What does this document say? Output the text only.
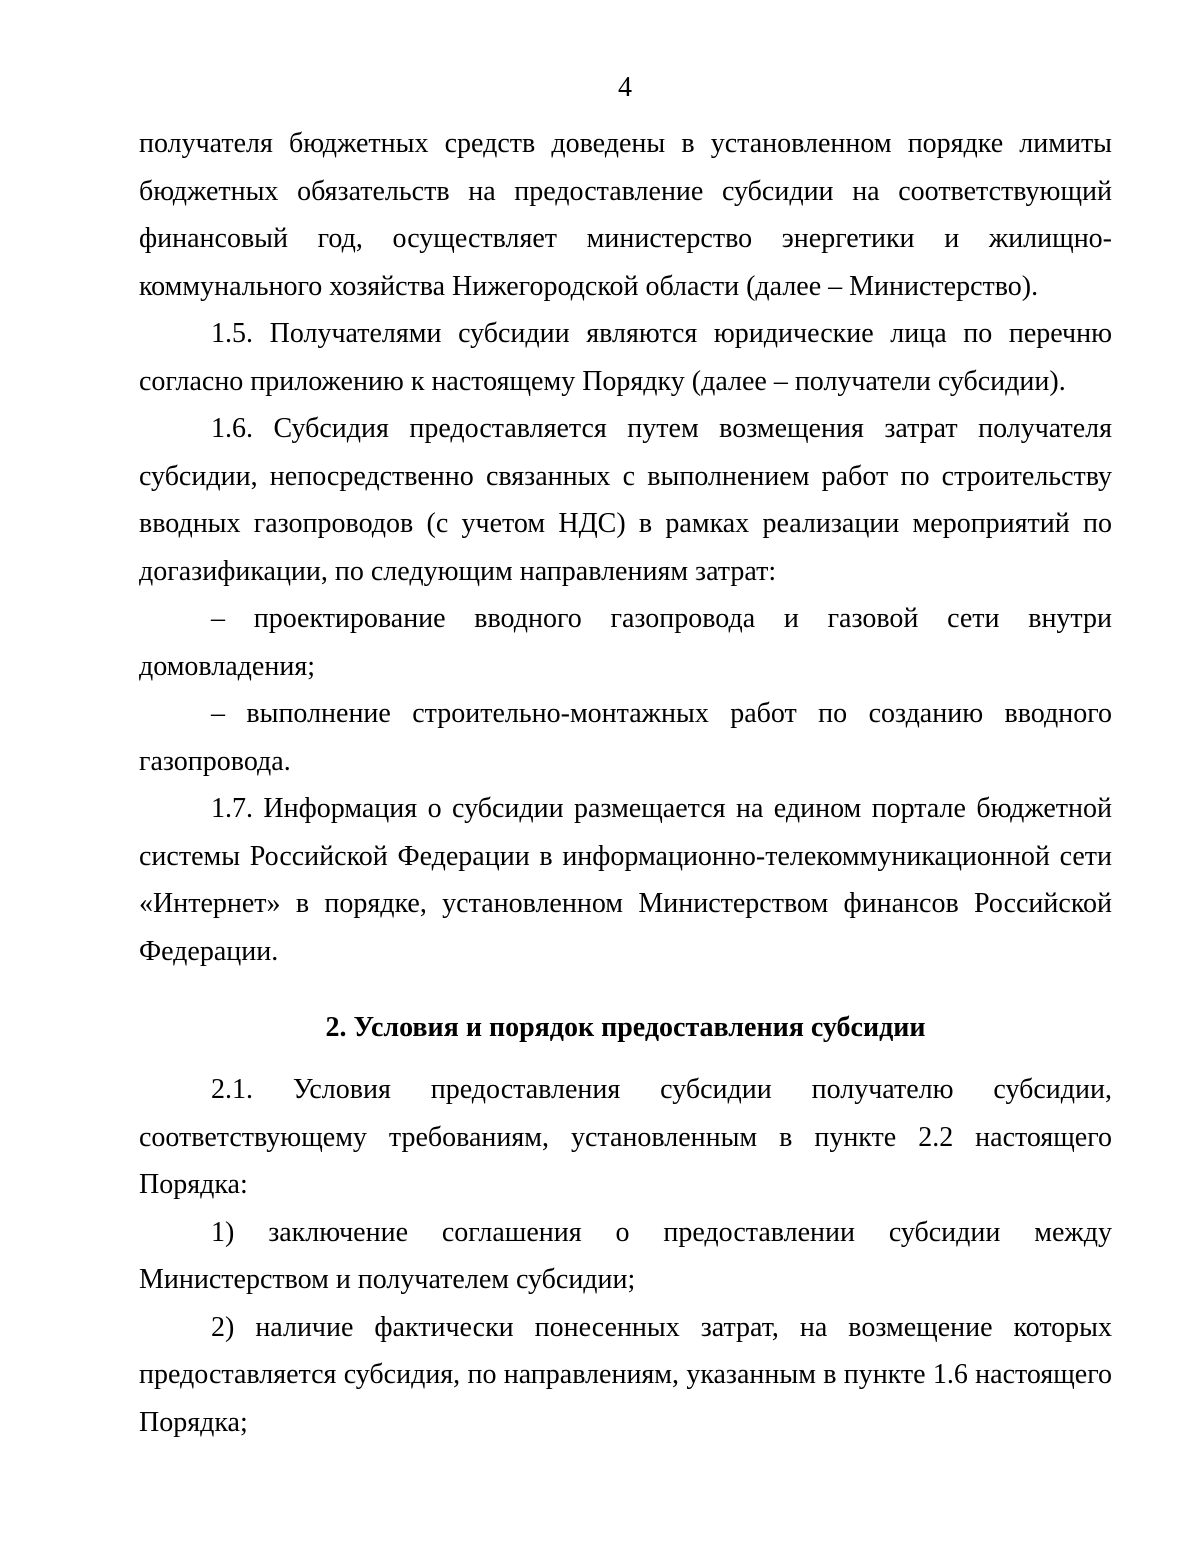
4

получателя бюджетных средств доведены в установленном порядке лимиты бюджетных обязательств на предоставление субсидии на соответствующий финансовый год, осуществляет министерство энергетики и жилищно-коммунального хозяйства Нижегородской области (далее – Министерство).

1.5. Получателями субсидии являются юридические лица по перечню согласно приложению к настоящему Порядку (далее – получатели субсидии).

1.6. Субсидия предоставляется путем возмещения затрат получателя субсидии, непосредственно связанных с выполнением работ по строительству вводных газопроводов (с учетом НДС) в рамках реализации мероприятий по догазификации, по следующим направлениям затрат:

– проектирование вводного газопровода и газовой сети внутри домовладения;

– выполнение строительно-монтажных работ по созданию вводного газопровода.

1.7. Информация о субсидии размещается на едином портале бюджетной системы Российской Федерации в информационно-телекоммуникационной сети «Интернет» в порядке, установленном Министерством финансов Российской Федерации.

2. Условия и порядок предоставления субсидии

2.1. Условия предоставления субсидии получателю субсидии, соответствующему требованиям, установленным в пункте 2.2 настоящего Порядка:

1) заключение соглашения о предоставлении субсидии между Министерством и получателем субсидии;

2) наличие фактически понесенных затрат, на возмещение которых предоставляется субсидия, по направлениям, указанным в пункте 1.6 настоящего Порядка;
